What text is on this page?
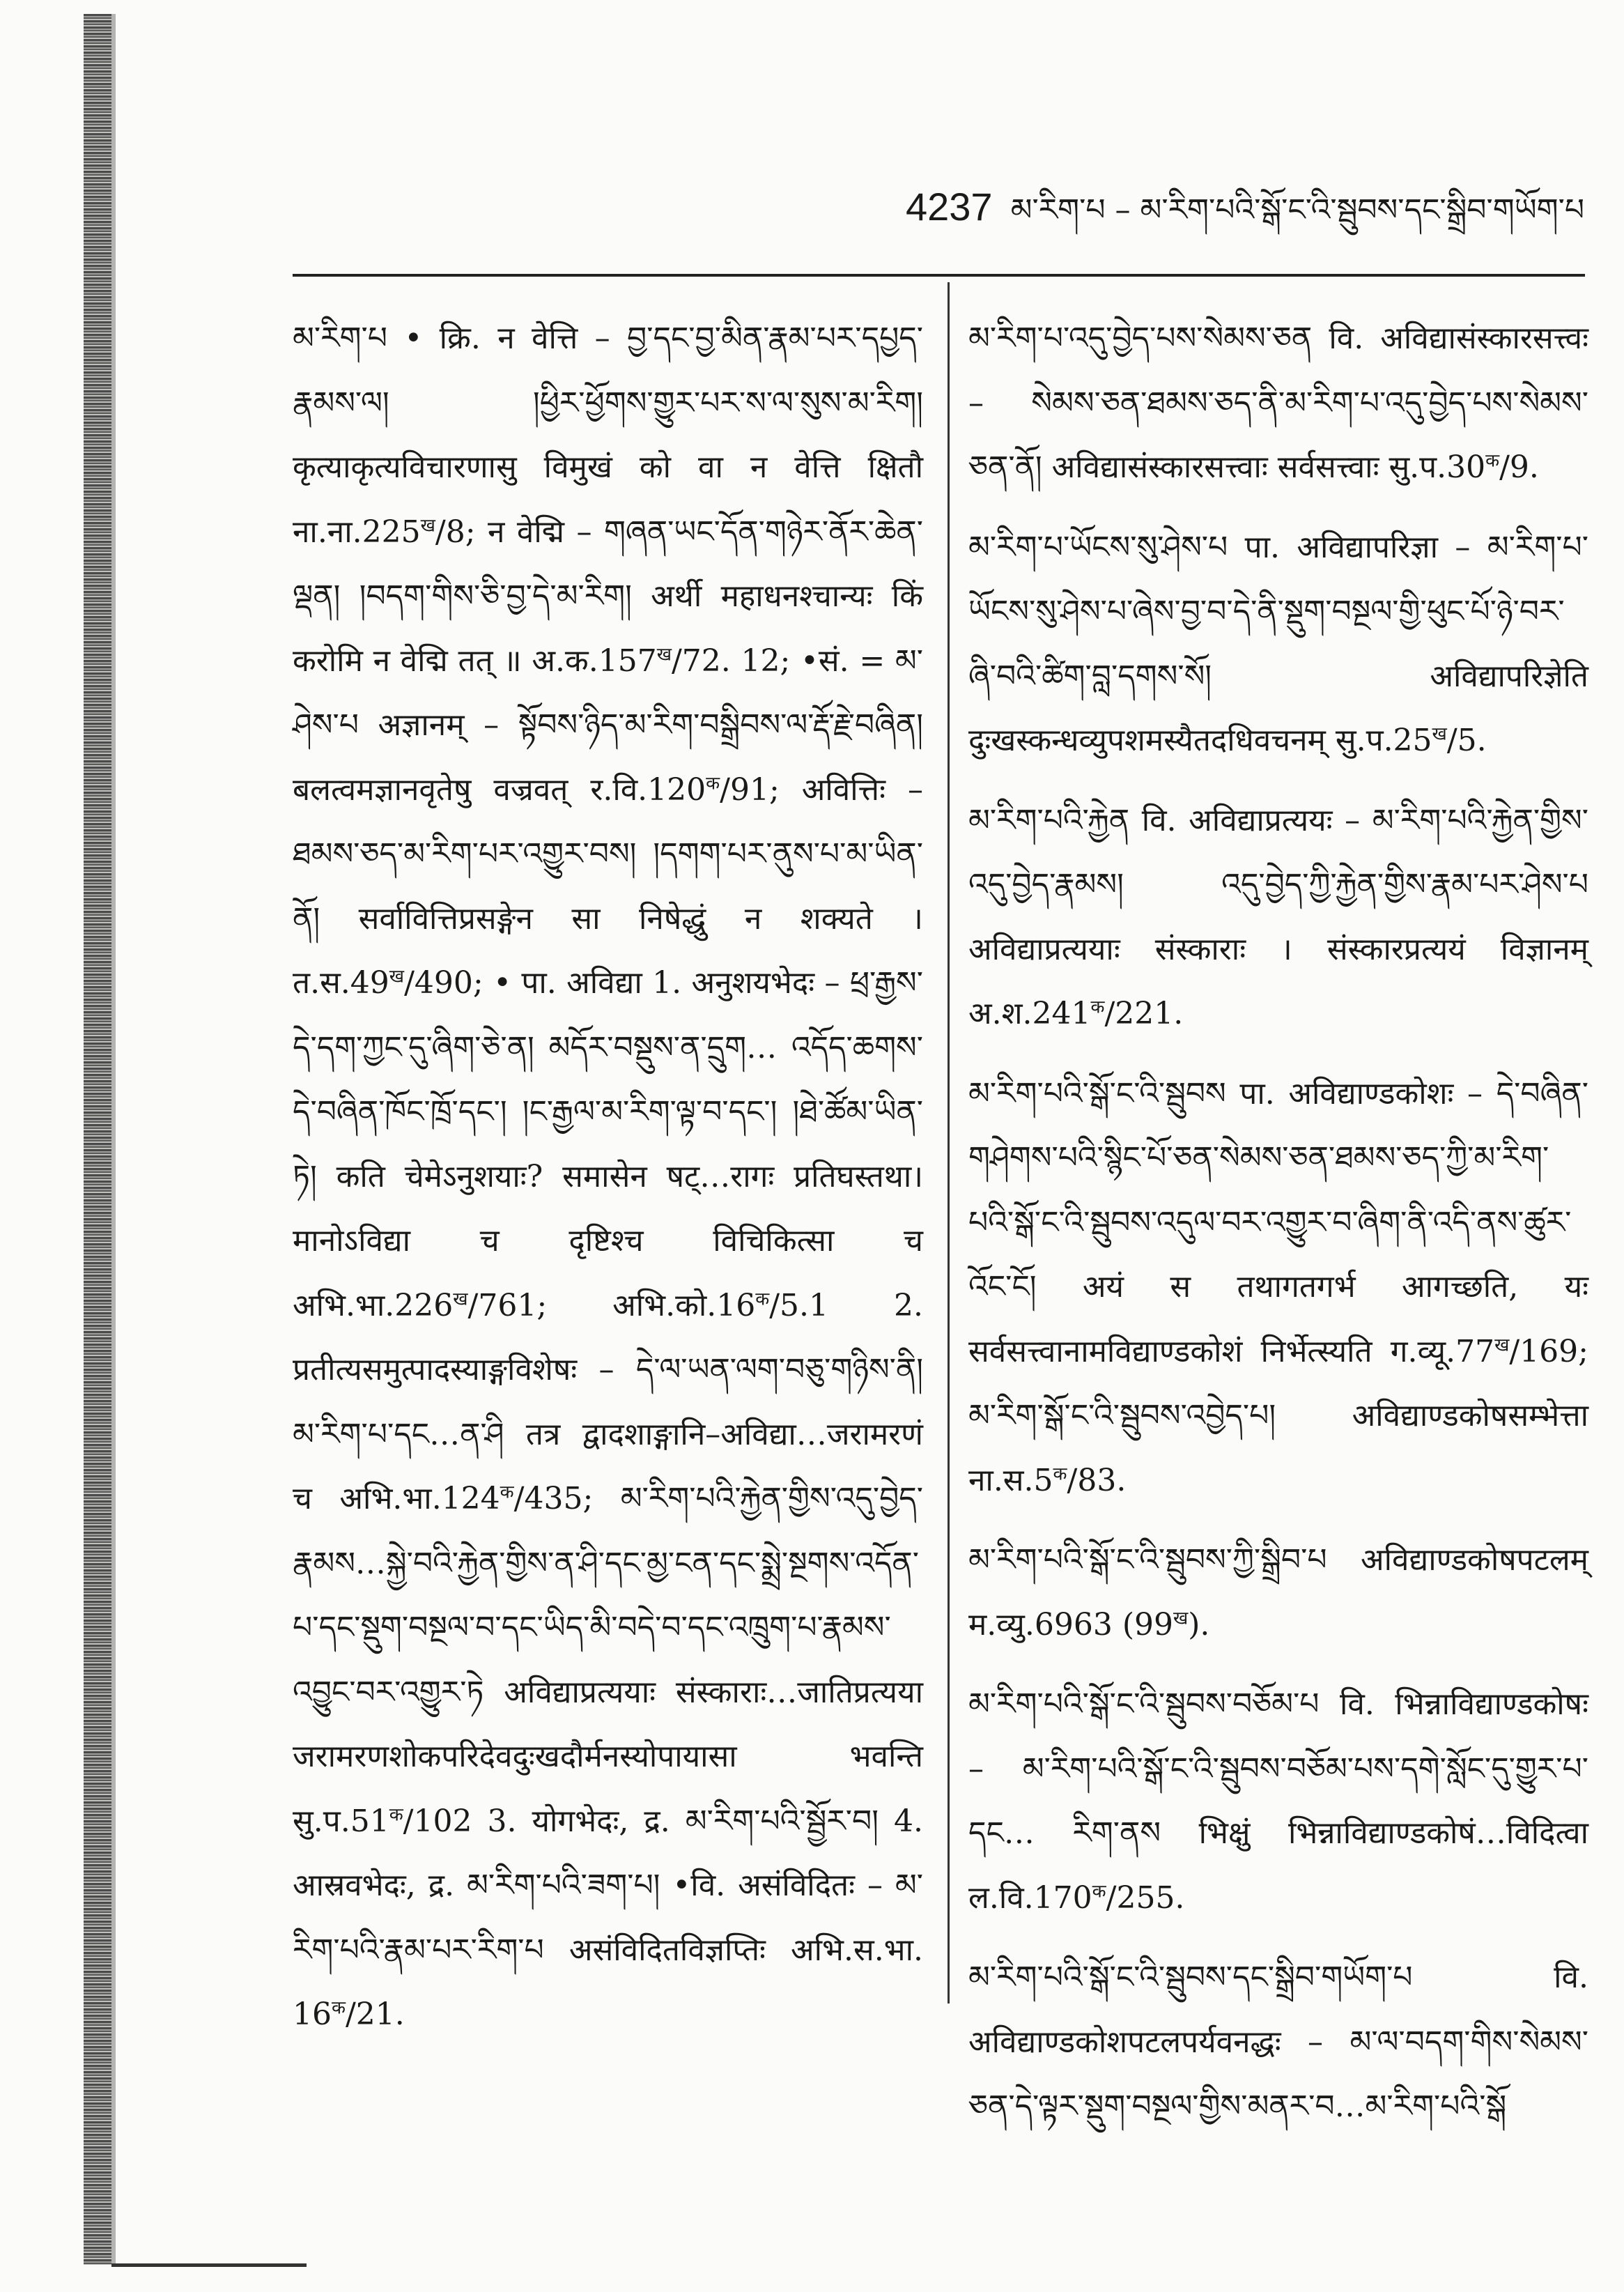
4237 མ་རིག་པ – མ་རིག་པའི་སྒོ་ང་འི་སྦུབས་དང་སྒྲིབ་གཡོག་པ
མ་རིག་པ • क्रि. न वेत्ति – བྱ་དང་བྱ་མིན་རྣམ་པར་དཔྱད་རྣམས་ལ། །ཕྱིར་ཕྱོགས་གྱུར་པར་ས་ལ་སུས་མ་རིག། कृत्याकृत्यविचारणासु विमुखं को वा न वेत्ति क्षितौ $ना.ना.225^ख/8$; न वेद्मि – གཞན་ཡང་དོན་གཉེར་ནོར་ཆེན་ལྡན། །བདག་གིས་ཅི་བྱ་དེ་མ་རིག། अर्थी महाधनश्चान्यः किं करोमि न वेद्मि तत् ॥ $अ.क.157^ख/72$. 12; •सं. = མ་ཤེས་པ अज्ञानम् – སྟོབས་ཉིད་མ་རིག་བསྒྲིབས་ལ་རྡོ་རྗེ་བཞིན། बलत्वमज्ञानवृतेषु वज्रवत् $र.वि.120^क/91$; अवित्तिः – ཐམས་ཅད་མ་རིག་པར་འགྱུར་བས། །དགག་པར་ནུས་པ་མ་ཡིན་ནོ། सर्वावित्तिप्रसङ्गेन सा निषेद्धुं न शक्यते । $त.स.49^ख/490$; • पा. अविद्या 1. अनुशयभेदः – ཕྲ་རྒྱས་དེ་དག་ཀྱང་དུ་ཞིག་ཅེ་ན། མདོར་བསྡུས་ན་དྲུག… འདོད་ཆགས་དེ་བཞིན་ཁོང་ཁྲོ་དང་། །ང་རྒྱལ་མ་རིག་ལྟ་བ་དང་། །ཐེ་ཚོམ་ཡིན་ཏེ། कति चेमेऽनुशयाः? समासेन षट्…रागः प्रतिघस्तथा। मानोऽविद्या च दृष्टिश्च विचिकित्सा च $अभि.भा.226^ख/761$; $अभि.को.16^क/5.1$ 2. प्रतीत्यसमुत्पादस्याङ्गविशेषः – དེ་ལ་ཡན་ལག་བཅུ་གཉིས་ནི། མ་རིག་པ་དང…ན་ཤི तत्र द्वादशाङ्गानि–अविद्या…जरामरणं च $अभि.भा.124^क/435$; མ་རིག་པའི་རྐྱེན་གྱིས་འདུ་བྱེད་རྣམས…སྐྱེ་བའི་རྐྱེན་གྱིས་ན་ཤི་དང་མྱ་ངན་དང་སྨྲེ་སྔགས་འདོན་པ་དང་སྡུག་བསྔལ་བ་དང་ཡིད་མི་བདེ་བ་དང་འཁྲུག་པ་རྣམས་འབྱུང་བར་འགྱུར་ཏེ अविद्याप्रत्ययाः संस्काराः…जातिप्रत्यया जरामरणशोकपरिदेवदुःखदौर्मनस्योपायासा भवन्ति $सु.प.51^क/102$ 3. योगभेदः, द्र. མ་རིག་པའི་སྦྱོར་བ། 4. आस्रवभेदः, द्र. མ་རིག་པའི་ཟག་པ། •वि. असंविदितः – མ་རིག་པའི་རྣམ་པར་རིག་པ असंविदितविज्ञप्तिः अभि.स.भा. $16^क/21$.
མ་རིག་པ་འདུ་བྱེད་པས་སེམས་ཅན वि. अविद्यासंस्कारसत्त्वः – སེམས་ཅན་ཐམས་ཅད་ནི་མ་རིག་པ་འདུ་བྱེད་པས་སེམས་ཅན་ནོ། अविद्यासंस्कारसत्त्वाः सर्वसत्त्वाः $सु.प.30^क/9$.
མ་རིག་པ་ཡོངས་སུ་ཤེས་པ पा. अविद्यापरिज्ञा – མ་རིག་པ་ཡོངས་སུ་ཤེས་པ་ཞེས་བྱ་བ་དེ་ནི་སྡུག་བསྔལ་གྱི་ཕུང་པོ་ཉེ་བར་ཞི་བའི་ཚིག་བླ་དགས་སོ། अविद्यापरिज्ञेति दुःखस्कन्धव्युपशमस्यैतदधिवचनम् $सु.प.25^ख/5$.
མ་རིག་པའི་རྐྱེན वि. अविद्याप्रत्ययः – མ་རིག་པའི་རྐྱེན་གྱིས་འདུ་བྱེད་རྣམས། འདུ་བྱེད་ཀྱི་རྐྱེན་གྱིས་རྣམ་པར་ཤེས་པ अविद्याप्रत्ययाः संस्काराः । संस्कारप्रत्ययं विज्ञानम् $अ.श.241^क/221$.
མ་རིག་པའི་སྒོ་ང་འི་སྦུབས पा. अविद्याण्डकोशः – དེ་བཞིན་གཤེགས་པའི་སྙིང་པོ་ཅན་སེམས་ཅན་ཐམས་ཅད་ཀྱི་མ་རིག་པའི་སྒོ་ང་འི་སྦུབས་འདུལ་བར་འགྱུར་བ་ཞིག་ནི་འདི་ནས་ཚུར་འོང་ངོ། अयं स तथागतगर्भ आगच्छति, यः सर्वसत्त्वानामविद्याण्डकोशं निर्भेत्स्यति $ग.व्यू.77^ख/169$; མ་རིག་སྒོ་ང་འི་སྦུབས་འབྱེད་པ། अविद्याण्डकोषसम्भेत्ता $ना.स.5^क/83$.
མ་རིག་པའི་སྒོ་ང་འི་སྦུབས་ཀྱི་སྒྲིབ་པ अविद्याण्डकोषपटलम् म.व्यु.6963 $(99^ख)$.
མ་རིག་པའི་སྒོ་ང་འི་སྦུབས་བཅོམ་པ वि. भिन्नाविद्याण्डकोषः – མ་རིག་པའི་སྒོ་ང་འི་སྦུབས་བཅོམ་པས་དགེ་སློང་དུ་གྱུར་པ་དང… རིག་ནས भिक्षुं भिन्नाविद्याण्डकोषं…विदित्वा $ल.वि.170^क/255$.
མ་རིག་པའི་སྒོ་ང་འི་སྦུབས་དང་སྒྲིབ་གཡོག་པ वि. अविद्याण्डकोशपटलपर्यवनद्धः – མ་ལ་བདག་གིས་སེམས་ཅན་དེ་ལྟར་སྡུག་བསྔལ་གྱིས་མནར་བ…མ་རིག་པའི་སྒོ
